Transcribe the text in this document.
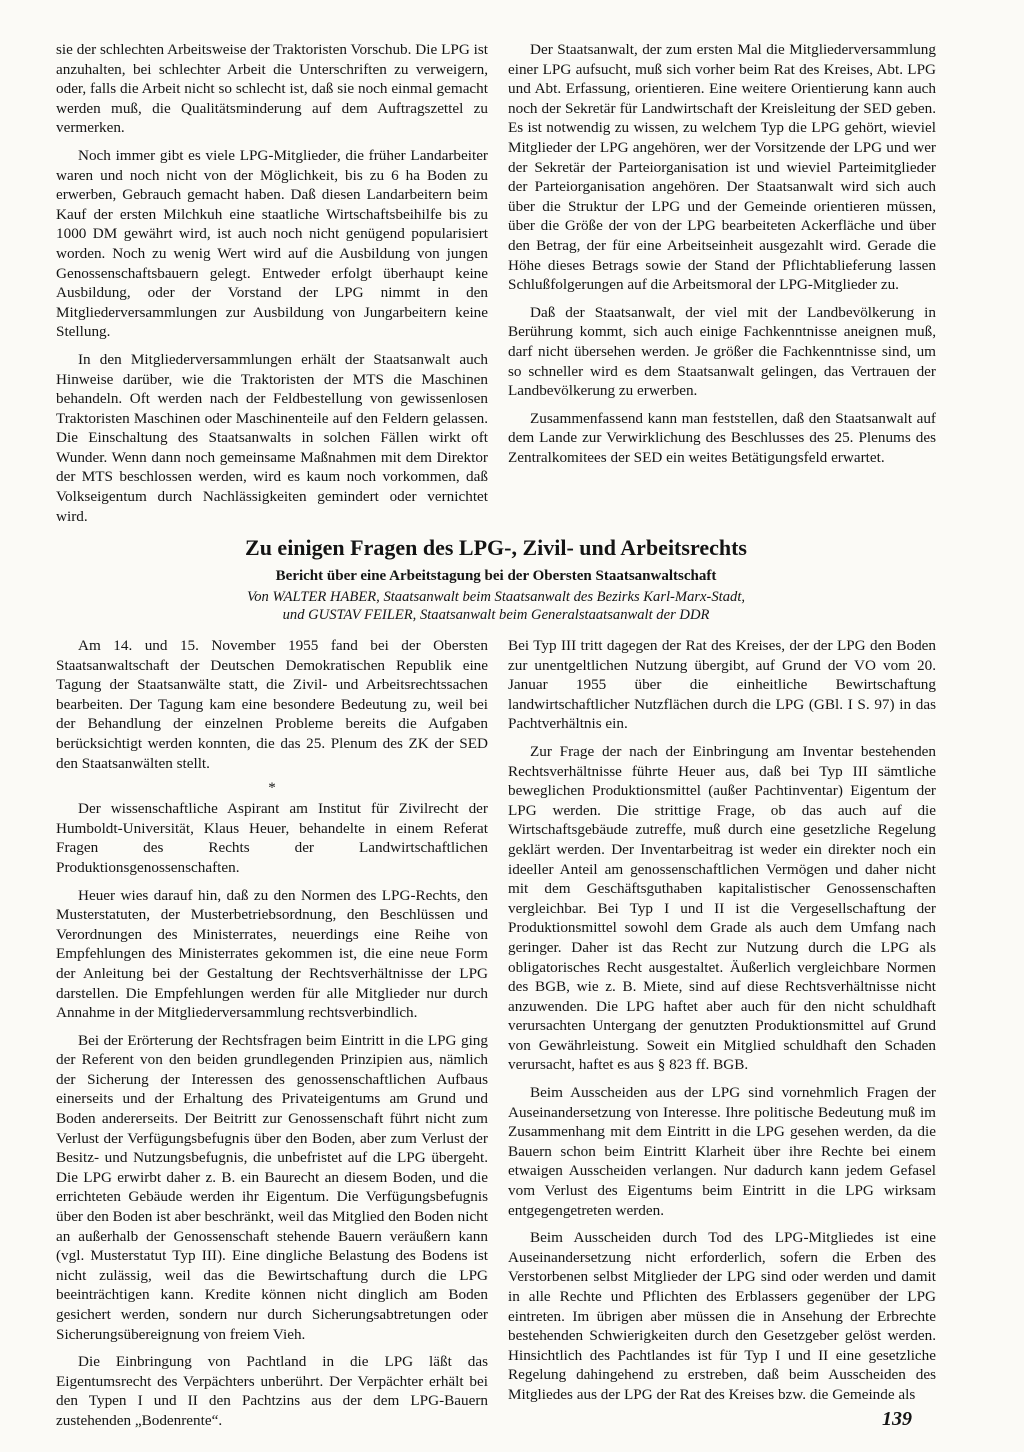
sie der schlechten Arbeitsweise der Traktoristen Vorschub. Die LPG ist anzuhalten, bei schlechter Arbeit die Unterschriften zu verweigern, oder, falls die Arbeit nicht so schlecht ist, daß sie noch einmal gemacht werden muß, die Qualitätsminderung auf dem Auftragszettel zu vermerken.

Noch immer gibt es viele LPG-Mitglieder, die früher Landarbeiter waren und noch nicht von der Möglichkeit, bis zu 6 ha Boden zu erwerben, Gebrauch gemacht haben. Daß diesen Landarbeitern beim Kauf der ersten Milchkuh eine staatliche Wirtschaftsbeihilfe bis zu 1000 DM gewährt wird, ist auch noch nicht genügend popularisiert worden. Noch zu wenig Wert wird auf die Ausbildung von jungen Genossenschaftsbauern gelegt. Entweder erfolgt überhaupt keine Ausbildung, oder der Vorstand der LPG nimmt in den Mitgliederversammlungen zur Ausbildung von Jungarbeitern keine Stellung.

In den Mitgliederversammlungen erhält der Staatsanwalt auch Hinweise darüber, wie die Traktoristen der MTS die Maschinen behandeln. Oft werden nach der Feldbestellung von gewissenlosen Traktoristen Maschinen oder Maschinenteile auf den Feldern gelassen. Die Einschaltung des Staatsanwalts in solchen Fällen wirkt oft Wunder. Wenn dann noch gemeinsame Maßnahmen mit dem Direktor der MTS beschlossen werden, wird es kaum noch vorkommen, daß Volkseigentum durch Nachlässigkeiten gemindert oder vernichtet wird.

Der Staatsanwalt, der zum ersten Mal die Mitgliederversammlung einer LPG aufsucht, muß sich vorher beim Rat des Kreises, Abt. LPG und Abt. Erfassung, orientieren. Eine weitere Orientierung kann auch noch der Sekretär für Landwirtschaft der Kreisleitung der SED geben. Es ist notwendig zu wissen, zu welchem Typ die LPG gehört, wieviel Mitglieder der LPG angehören, wer der Vorsitzende der LPG und wer der Sekretär der Parteiorganisation ist und wieviel Parteimitglieder der Parteiorganisation angehören. Der Staatsanwalt wird sich auch über die Struktur der LPG und der Gemeinde orientieren müssen, über die Größe der von der LPG bearbeiteten Ackerfläche und über den Betrag, der für eine Arbeitseinheit ausgezahlt wird. Gerade die Höhe dieses Betrags sowie der Stand der Pflichtablieferung lassen Schlußfolgerungen auf die Arbeitsmoral der LPG-Mitglieder zu.

Daß der Staatsanwalt, der viel mit der Landbevölkerung in Berührung kommt, sich auch einige Fachkenntnisse aneignen muß, darf nicht übersehen werden. Je größer die Fachkenntnisse sind, um so schneller wird es dem Staatsanwalt gelingen, das Vertrauen der Landbevölkerung zu erwerben.

Zusammenfassend kann man feststellen, daß den Staatsanwalt auf dem Lande zur Verwirklichung des Beschlusses des 25. Plenums des Zentralkomitees der SED ein weites Betätigungsfeld erwartet.

Zu einigen Fragen des LPG-, Zivil- und Arbeitsrechts
Bericht über eine Arbeitstagung bei der Obersten Staatsanwaltschaft
Von WALTER HABER, Staatsanwalt beim Staatsanwalt des Bezirks Karl-Marx-Stadt,
und GUSTAV FEILER, Staatsanwalt beim Generalstaatsanwalt der DDR

Am 14. und 15. November 1955 fand bei der Obersten Staatsanwaltschaft der Deutschen Demokratischen Republik eine Tagung der Staatsanwälte statt, die Zivil- und Arbeitsrechtssachen bearbeiten. Der Tagung kam eine besondere Bedeutung zu, weil bei der Behandlung der einzelnen Probleme bereits die Aufgaben berücksichtigt werden konnten, die das 25. Plenum des ZK der SED den Staatsanwälten stellt.

*

Der wissenschaftliche Aspirant am Institut für Zivilrecht der Humboldt-Universität, Klaus Heuer, behandelte in einem Referat Fragen des Rechts der Landwirtschaftlichen Produktionsgenossenschaften.

Heuer wies darauf hin, daß zu den Normen des LPG-Rechts, den Musterstatuten, der Musterbetriebsordnung, den Beschlüssen und Verordnungen des Ministerrates, neuerdings eine Reihe von Empfehlungen des Ministerrates gekommen ist, die eine neue Form der Anleitung bei der Gestaltung der Rechtsverhältnisse der LPG darstellen. Die Empfehlungen werden für alle Mitglieder nur durch Annahme in der Mitgliederversammlung rechtsverbindlich.

Bei der Erörterung der Rechtsfragen beim Eintritt in die LPG ging der Referent von den beiden grundlegenden Prinzipien aus, nämlich der Sicherung der Interessen des genossenschaftlichen Aufbaus einerseits und der Erhaltung des Privateigentums am Grund und Boden andererseits. Der Beitritt zur Genossenschaft führt nicht zum Verlust der Verfügungsbefugnis über den Boden, aber zum Verlust der Besitz- und Nutzungsbefugnis, die unbefristet auf die LPG übergeht. Die LPG erwirbt daher z. B. ein Baurecht an diesem Boden, und die errichteten Gebäude werden ihr Eigentum. Die Verfügungsbefugnis über den Boden ist aber beschränkt, weil das Mitglied den Boden nicht an außerhalb der Genossenschaft stehende Bauern veräußern kann (vgl. Musterstatut Typ III). Eine dingliche Belastung des Bodens ist nicht zulässig, weil das die Bewirtschaftung durch die LPG beeinträchtigen kann. Kredite können nicht dinglich am Boden gesichert werden, sondern nur durch Sicherungsabtretungen oder Sicherungsübereignung von freiem Vieh.

Die Einbringung von Pachtland in die LPG läßt das Eigentumsrecht des Verpächters unberührt. Der Verpächter erhält bei den Typen I und II den Pachtzins aus der dem LPG-Bauern zustehenden „Bodenrente“.

Bei Typ III tritt dagegen der Rat des Kreises, der der LPG den Boden zur unentgeltlichen Nutzung übergibt, auf Grund der VO vom 20. Januar 1955 über die einheitliche Bewirtschaftung landwirtschaftlicher Nutzflächen durch die LPG (GBl. I S. 97) in das Pachtverhältnis ein.

Zur Frage der nach der Einbringung am Inventar bestehenden Rechtsverhältnisse führte Heuer aus, daß bei Typ III sämtliche beweglichen Produktionsmittel (außer Pachtinventar) Eigentum der LPG werden. Die strittige Frage, ob das auch auf die Wirtschaftsgebäude zutreffe, muß durch eine gesetzliche Regelung geklärt werden. Der Inventarbeitrag ist weder ein direkter noch ein ideeller Anteil am genossenschaftlichen Vermögen und daher nicht mit dem Geschäftsguthaben kapitalistischer Genossenschaften vergleichbar. Bei Typ I und II ist die Vergesellschaftung der Produktionsmittel sowohl dem Grade als auch dem Umfang nach geringer. Daher ist das Recht zur Nutzung durch die LPG als obligatorisches Recht ausgestaltet. Äußerlich vergleichbare Normen des BGB, wie z. B. Miete, sind auf diese Rechtsverhältnisse nicht anzuwenden. Die LPG haftet aber auch für den nicht schuldhaft verursachten Untergang der genutzten Produktionsmittel auf Grund von Gewährleistung. Soweit ein Mitglied schuldhaft den Schaden verursacht, haftet es aus § 823 ff. BGB.

Beim Ausscheiden aus der LPG sind vornehmlich Fragen der Auseinandersetzung von Interesse. Ihre politische Bedeutung muß im Zusammenhang mit dem Eintritt in die LPG gesehen werden, da die Bauern schon beim Eintritt Klarheit über ihre Rechte bei einem etwaigen Ausscheiden verlangen. Nur dadurch kann jedem Gefasel vom Verlust des Eigentums beim Eintritt in die LPG wirksam entgegengetreten werden.

Beim Ausscheiden durch Tod des LPG-Mitgliedes ist eine Auseinandersetzung nicht erforderlich, sofern die Erben des Verstorbenen selbst Mitglieder der LPG sind oder werden und damit in alle Rechte und Pflichten des Erblassers gegenüber der LPG eintreten. Im übrigen aber müssen die in Ansehung der Erbrechte bestehenden Schwierigkeiten durch den Gesetzgeber gelöst werden. Hinsichtlich des Pachtlandes ist für Typ I und II eine gesetzliche Regelung dahingehend zu erstreben, daß beim Ausscheiden des Mitgliedes aus der LPG der Rat des Kreises bzw. die Gemeinde als

139
